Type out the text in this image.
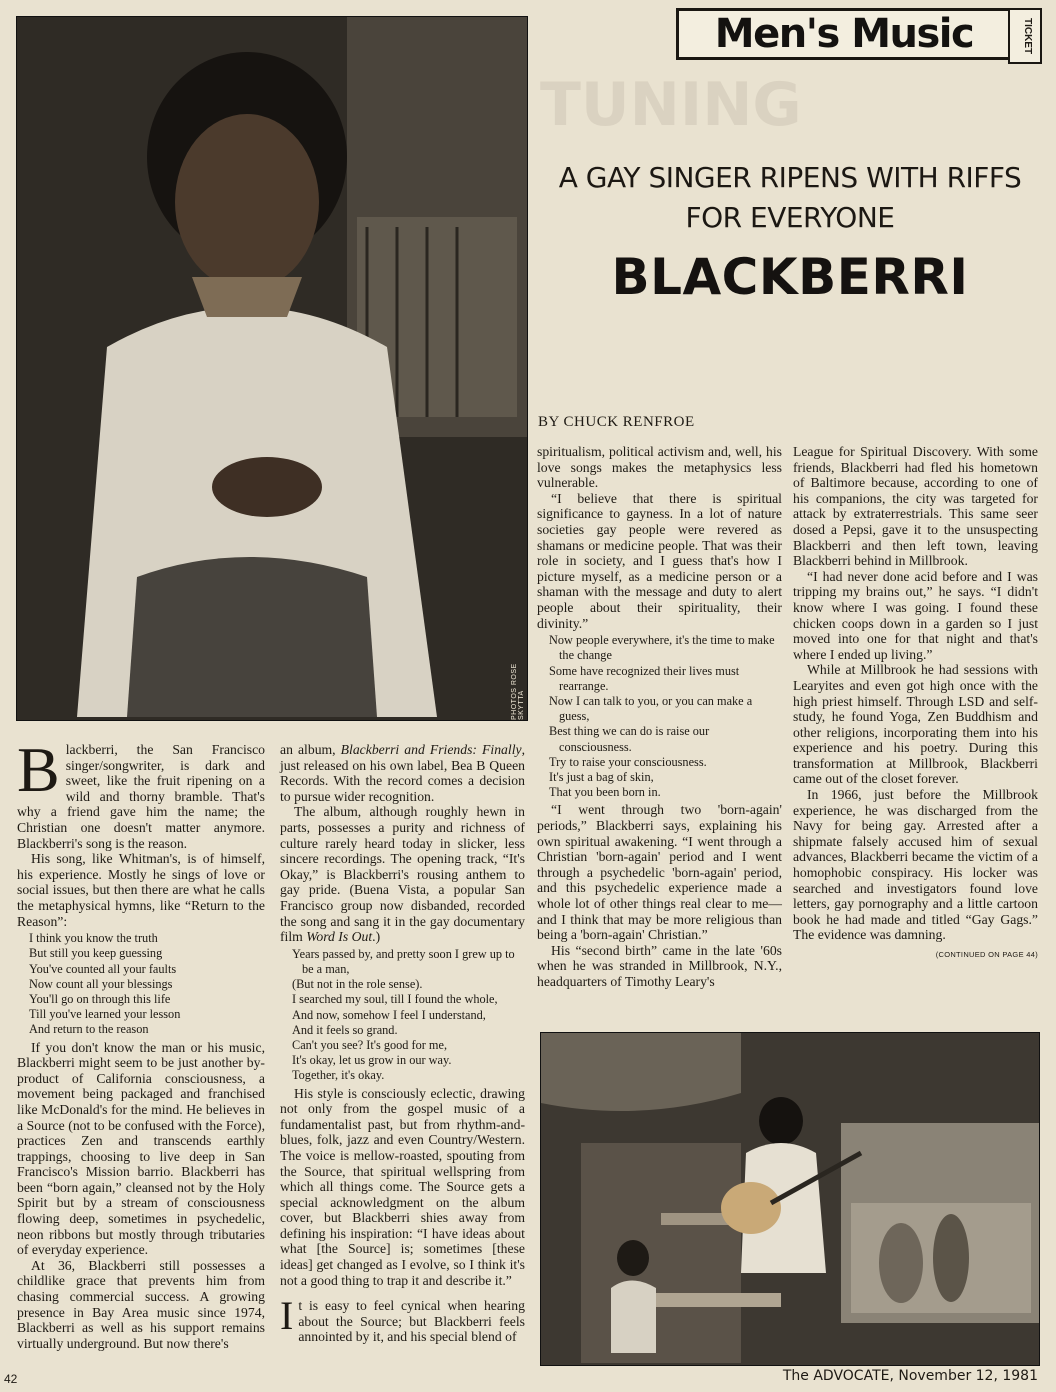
TUNING
Men's Music	TICKET
PHOTOS ROSE SKYTTA
A GAY SINGER RIPENS WITH RIFFS
FOR EVERYONE
BLACKBERRI
BY CHUCK RENFROE

Blackberri, the San Francisco singer/songwriter, is dark and sweet, like the fruit ripening on a wild and thorny bramble. That's why a friend gave him the name; the Christian one doesn't matter anymore. Blackberri's song is the reason.

His song, like Whitman's, is of himself, his experience. Mostly he sings of love or social issues, but then there are what he calls the metaphysical hymns, like “Return to the Reason”:

I think you know the truth
But still you keep guessing
You've counted all your faults
Now count all your blessings
You'll go on through this life
Till you've learned your lesson
And return to the reason

If you don't know the man or his music, Blackberri might seem to be just another by-product of California consciousness, a movement being packaged and franchised like McDonald's for the mind. He believes in a Source (not to be confused with the Force), practices Zen and transcends earthly trappings, choosing to live deep in San Francisco's Mission barrio. Blackberri has been “born again,” cleansed not by the Holy Spirit but by a stream of consciousness flowing deep, sometimes in psychedelic, neon ribbons but mostly through tributaries of everyday experience.

At 36, Blackberri still possesses a childlike grace that prevents him from chasing commercial success. A growing presence in Bay Area music since 1974, Blackberri as well as his support remains virtually underground. But now there's

an album, Blackberri and Friends: Finally, just released on his own label, Bea B Queen Records. With the record comes a decision to pursue wider recognition.

The album, although roughly hewn in parts, possesses a purity and richness of culture rarely heard today in slicker, less sincere recordings. The opening track, “It's Okay,” is Blackberri's rousing anthem to gay pride. (Buena Vista, a popular San Francisco group now disbanded, recorded the song and sang it in the gay documentary film Word Is Out.)

Years passed by, and pretty soon I grew up to be a man,
(But not in the role sense).
I searched my soul, till I found the whole,
And now, somehow I feel I understand,
And it feels so grand.
Can't you see? It's good for me,
It's okay, let us grow in our way.
Together, it's okay.

His style is consciously eclectic, drawing not only from the gospel music of a fundamentalist past, but from rhythm-and-blues, folk, jazz and even Country/Western. The voice is mellow-roasted, spouting from the Source, that spiritual wellspring from which all things come. The Source gets a special acknowledgment on the album cover, but Blackberri shies away from defining his inspiration: “I have ideas about what [the Source] is; sometimes [these ideas] get changed as I evolve, so I think it's not a good thing to trap it and describe it.”

It is easy to feel cynical when hearing about the Source; but Blackberri feels annointed by it, and his special blend of

spiritualism, political activism and, well, his love songs makes the metaphysics less vulnerable.

“I believe that there is spiritual significance to gayness. In a lot of nature societies gay people were revered as shamans or medicine people. That was their role in society, and I guess that's how I picture myself, as a medicine person or a shaman with the message and duty to alert people about their spirituality, their divinity.”

Now people everywhere, it's the time to make the change
Some have recognized their lives must rearrange.
Now I can talk to you, or you can make a guess,
Best thing we can do is raise our consciousness.
Try to raise your consciousness.
It's just a bag of skin,
That you been born in.

“I went through two 'born-again' periods,” Blackberri says, explaining his own spiritual awakening. “I went through a Christian 'born-again' period and I went through a psychedelic 'born-again' period, and this psychedelic experience made a whole lot of other things real clear to me—and I think that may be more religious than being a 'born-again' Christian.”

His “second birth” came in the late '60s when he was stranded in Millbrook, N.Y., headquarters of Timothy Leary's

League for Spiritual Discovery. With some friends, Blackberri had fled his hometown of Baltimore because, according to one of his companions, the city was targeted for attack by extraterrestrials. This same seer dosed a Pepsi, gave it to the unsuspecting Blackberri and then left town, leaving Blackberri behind in Millbrook.

“I had never done acid before and I was tripping my brains out,” he says. “I didn't know where I was going. I found these chicken coops down in a garden so I just moved into one for that night and that's where I ended up living.”

While at Millbrook he had sessions with Learyites and even got high once with the high priest himself. Through LSD and self-study, he found Yoga, Zen Buddhism and other religions, incorporating them into his experience and his poetry. During this transformation at Millbrook, Blackberri came out of the closet forever.

In 1966, just before the Millbrook experience, he was discharged from the Navy for being gay. Arrested after a shipmate falsely accused him of sexual advances, Blackberri became the victim of a homophobic conspiracy. His locker was searched and investigators found love letters, gay pornography and a little cartoon book he had made and titled “Gay Gags.” The evidence was damning.

(CONTINUED ON PAGE 44)
42	The ADVOCATE, November 12, 1981
